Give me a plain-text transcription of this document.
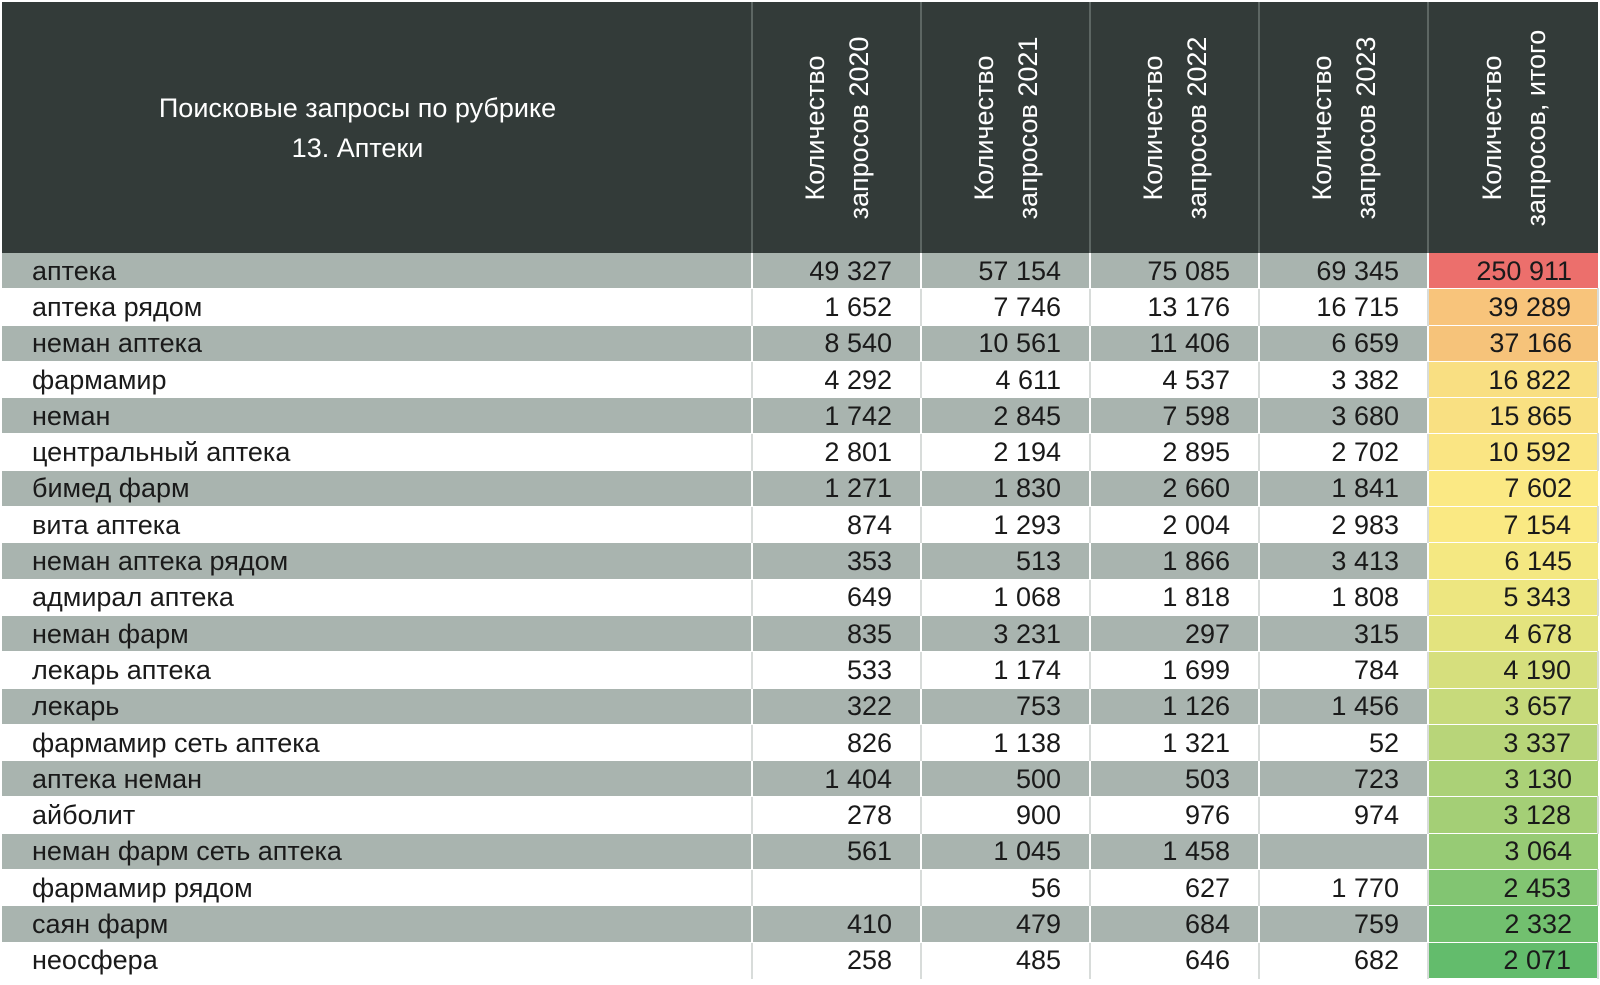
Поисковые запросы по рубрике
13. Аптеки	Количество запросов 2020	Количество запросов 2021	Количество запросов 2022	Количество запросов 2023	Количество запросов, итого

аптека	49 327	57 154	75 085	69 345	250 911
аптека рядом	1 652	7 746	13 176	16 715	39 289
неман аптека	8 540	10 561	11 406	6 659	37 166
фармамир	4 292	4 611	4 537	3 382	16 822
неман	1 742	2 845	7 598	3 680	15 865
центральный аптека	2 801	2 194	2 895	2 702	10 592
бимед фарм	1 271	1 830	2 660	1 841	7 602
вита аптека	874	1 293	2 004	2 983	7 154
неман аптека рядом	353	513	1 866	3 413	6 145
адмирал аптека	649	1 068	1 818	1 808	5 343
неман фарм	835	3 231	297	315	4 678
лекарь аптека	533	1 174	1 699	784	4 190
лекарь	322	753	1 126	1 456	3 657
фармамир сеть аптека	826	1 138	1 321	52	3 337
аптека неман	1 404	500	503	723	3 130
айболит	278	900	976	974	3 128
неман фарм сеть аптека	561	1 045	1 458		3 064
фармамир рядом		56	627	1 770	2 453
саян фарм	410	479	684	759	2 332
неосфера	258	485	646	682	2 071
